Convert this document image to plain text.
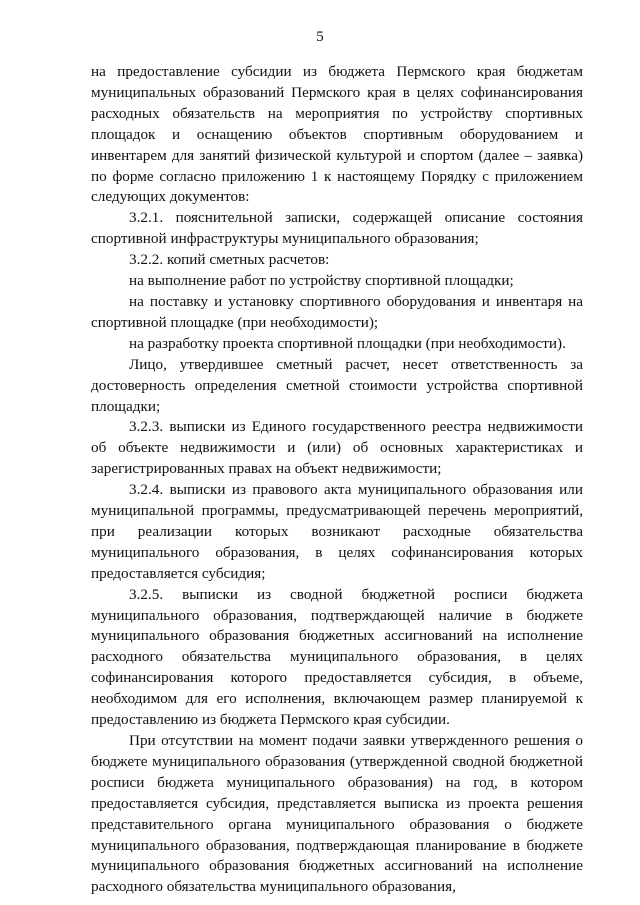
5

на предоставление субсидии из бюджета Пермского края бюджетам муниципальных образований Пермского края в целях софинансирования расходных обязательств на мероприятия по устройству спортивных площадок и оснащению объектов спортивным оборудованием и инвентарем для занятий физической культурой и спортом (далее – заявка) по форме согласно приложению 1 к настоящему Порядку с приложением следующих документов:

3.2.1. пояснительной записки, содержащей описание состояния спортивной инфраструктуры муниципального образования;

3.2.2. копий сметных расчетов:

на выполнение работ по устройству спортивной площадки;

на поставку и установку спортивного оборудования и инвентаря на спортивной площадке (при необходимости);

на разработку проекта спортивной площадки (при необходимости).

Лицо, утвердившее сметный расчет, несет ответственность за достоверность определения сметной стоимости устройства спортивной площадки;

3.2.3. выписки из Единого государственного реестра недвижимости об объекте недвижимости и (или) об основных характеристиках и зарегистрированных правах на объект недвижимости;

3.2.4. выписки из правового акта муниципального образования или муниципальной программы, предусматривающей перечень мероприятий, при реализации которых возникают расходные обязательства муниципального образования, в целях софинансирования которых предоставляется субсидия;

3.2.5. выписки из сводной бюджетной росписи бюджета муниципального образования, подтверждающей наличие в бюджете муниципального образования бюджетных ассигнований на исполнение расходного обязательства муниципального образования, в целях софинансирования которого предоставляется субсидия, в объеме, необходимом для его исполнения, включающем размер планируемой к предоставлению из бюджета Пермского края субсидии.

При отсутствии на момент подачи заявки утвержденного решения о бюджете муниципального образования (утвержденной сводной бюджетной росписи бюджета муниципального образования) на год, в котором предоставляется субсидия, представляется выписка из проекта решения представительного органа муниципального образования о бюджете муниципального образования, подтверждающая планирование в бюджете муниципального образования бюджетных ассигнований на исполнение расходного обязательства муниципального образования,
